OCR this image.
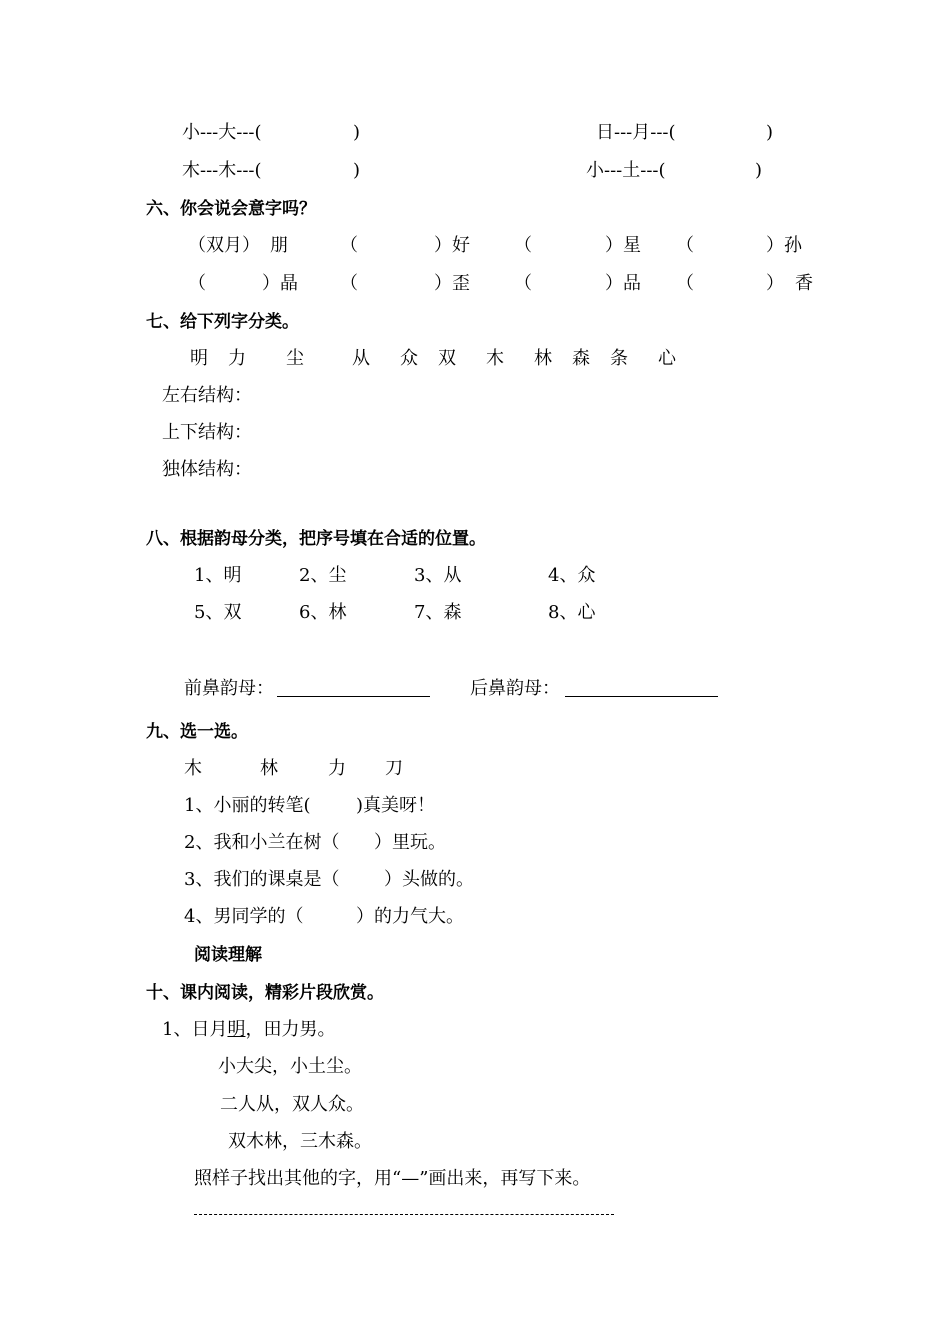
小---大---(	)	日---月---(	)
木---木---(	)	小---土---(	)
六、你会说会意字吗？
（双月） 朋	（	）好 （	）星 （	）孙
（	）晶 （	）歪 （	）品 （	） 香
七、给下列字分类。
明 力 尘	从 众 双 木 林 森 条 心
左右结构：
上下结构：
独体结构：
八、根据韵母分类，把序号填在合适的位置。
1、明	2、尘	3、从	4、众
5、双	6、林	7、森	8、心
前鼻韵母：	后鼻韵母：
九、选一选。
木	林	力 刀
1、小丽的转笔(	)真美呀！
2、我和小兰在树（ ）里玩。
3、我们的课桌是（ ）头做的。
4、男同学的（	）的力气大。
阅读理解
十、课内阅读，精彩片段欣赏。
1、日月明，田力男。
小大尖，小土尘。
二人从，双人众。
双木林，三木森。
照样子找出其他的字，用“—”画出来，再写下来。
